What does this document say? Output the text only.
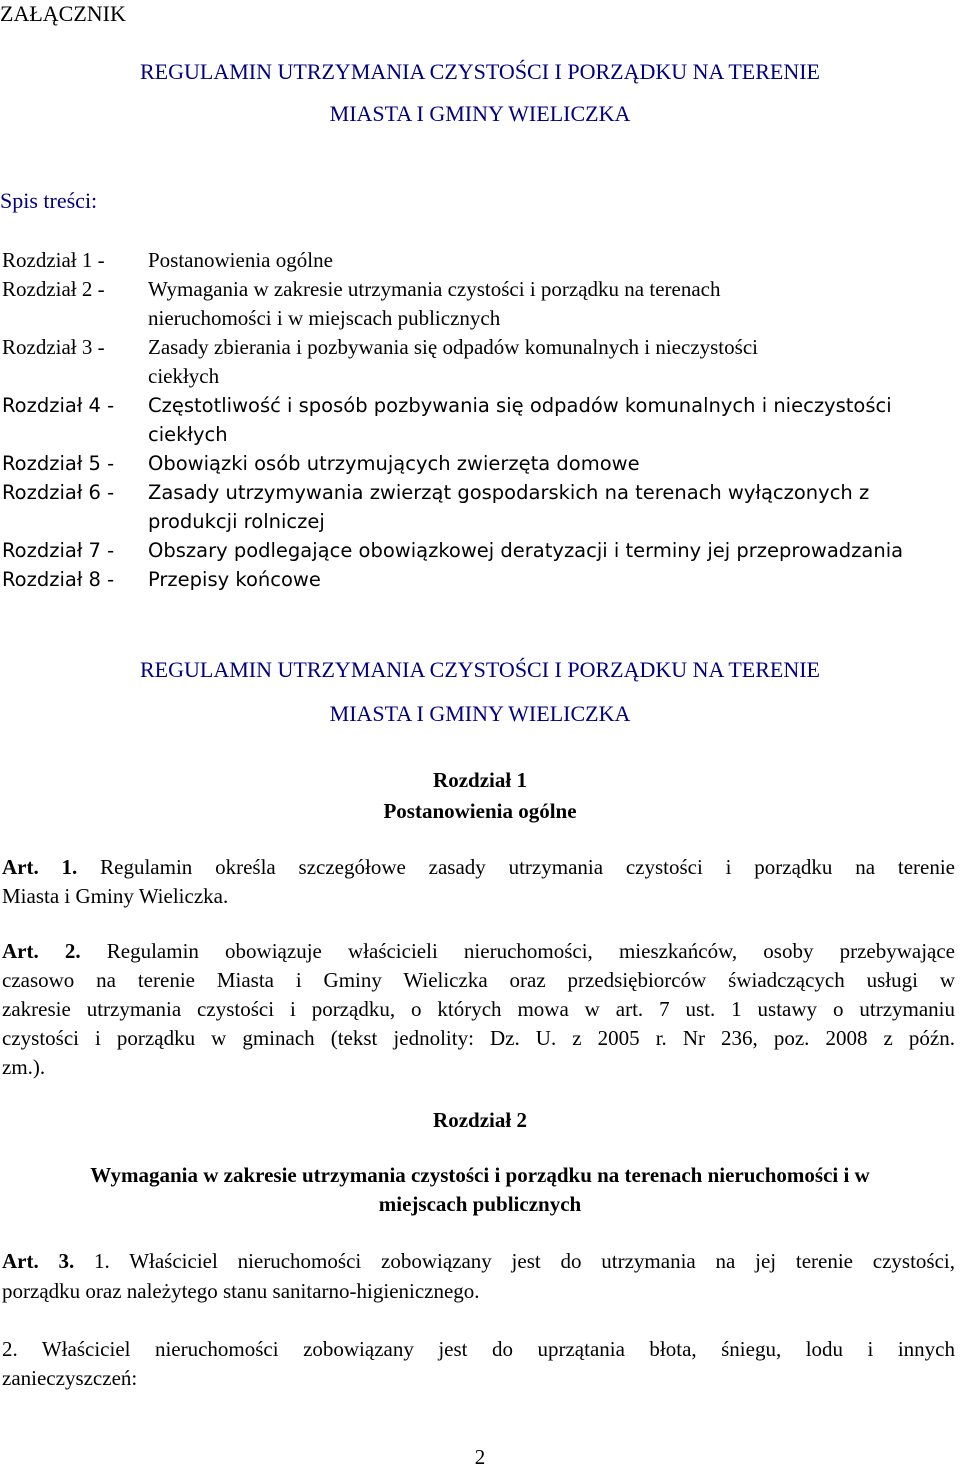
ZAŁĄCZNIK
REGULAMIN UTRZYMANIA CZYSTOŚCI I PORZĄDKU NA TERENIE
MIASTA I GMINY WIELICZKA
Spis treści:
Rozdział 1 - Postanowienia ogólne
Rozdział 2 - Wymagania w zakresie utrzymania czystości i porządku na terenach
nieruchomości i w miejscach publicznych
Rozdział 3 - Zasady zbierania i pozbywania się odpadów komunalnych i nieczystości
ciekłych
Rozdział 4 - Częstotliwość i sposób pozbywania się odpadów komunalnych i nieczystości
ciekłych
Rozdział 5 - Obowiązki osób utrzymujących zwierzęta domowe
Rozdział 6 - Zasady utrzymywania zwierząt gospodarskich na terenach wyłączonych z
produkcji rolniczej
Rozdział 7 - Obszary podlegające obowiązkowej deratyzacji i terminy jej przeprowadzania
Rozdział 8 - Przepisy końcowe
REGULAMIN UTRZYMANIA CZYSTOŚCI I PORZĄDKU NA TERENIE
MIASTA I GMINY WIELICZKA
Rozdział 1
Postanowienia ogólne
Art. 1. Regulamin określa szczegółowe zasady utrzymania czystości i porządku na terenie
Miasta i Gminy Wieliczka.
Art. 2. Regulamin obowiązuje właścicieli nieruchomości, mieszkańców, osoby przebywające
czasowo na terenie Miasta i Gminy Wieliczka oraz przedsiębiorców świadczących usługi w
zakresie utrzymania czystości i porządku, o których mowa w art. 7 ust. 1 ustawy o utrzymaniu
czystości i porządku w gminach (tekst jednolity: Dz. U. z 2005 r. Nr 236, poz. 2008 z późn.
zm.).
Rozdział 2
Wymagania w zakresie utrzymania czystości i porządku na terenach nieruchomości i w
miejscach publicznych
Art. 3. 1. Właściciel nieruchomości zobowiązany jest do utrzymania na jej terenie czystości,
porządku oraz należytego stanu sanitarno-higienicznego.
2. Właściciel nieruchomości zobowiązany jest do uprzątania błota, śniegu, lodu i innych
zanieczyszczeń:
2
